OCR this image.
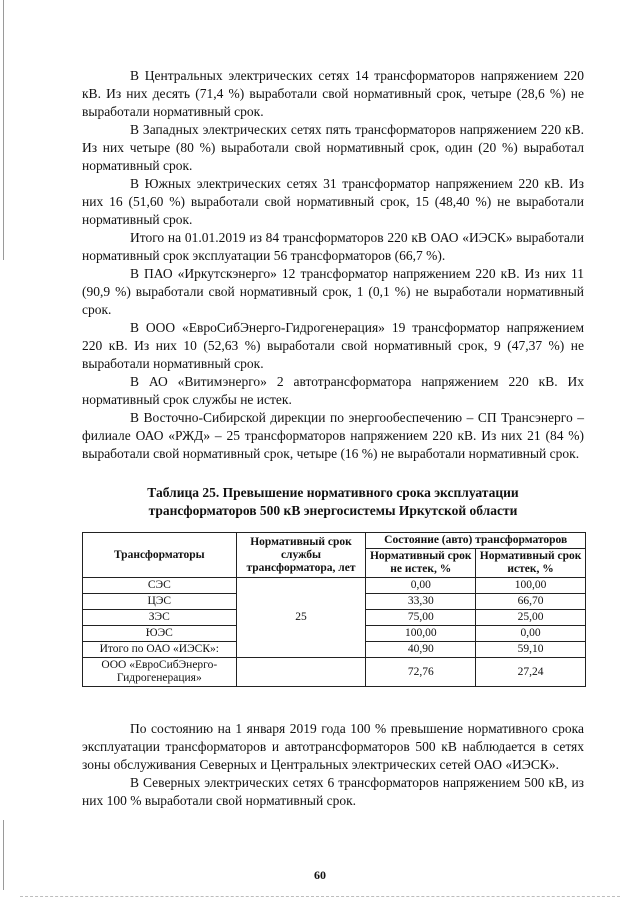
В Центральных электрических сетях 14 трансформаторов напряжением 220 кВ. Из них десять (71,4 %) выработали свой нормативный срок, четыре (28,6 %) не выработали нормативный срок.

В Западных электрических сетях пять трансформаторов напряжением 220 кВ. Из них четыре (80 %) выработали свой нормативный срок, один (20 %) выработал нормативный срок.

В Южных электрических сетях 31 трансформатор напряжением 220 кВ. Из них 16 (51,60 %) выработали свой нормативный срок, 15 (48,40 %) не выработали нормативный срок.

Итого на 01.01.2019 из 84 трансформаторов 220 кВ ОАО «ИЭСК» выработали нормативный срок эксплуатации 56 трансформаторов (66,7 %).

В ПАО «Иркутскэнерго» 12 трансформатор напряжением 220 кВ. Из них 11 (90,9 %) выработали свой нормативный срок, 1 (0,1 %) не выработали нормативный срок.

В ООО «ЕвроСибЭнерго-Гидрогенерация» 19 трансформатор напряжением 220 кВ. Из них 10 (52,63 %) выработали свой нормативный срок, 9 (47,37 %) не выработали нормативный срок.

В АО «Витимэнерго» 2 автотрансформатора напряжением 220 кВ. Их нормативный срок службы не истек.

В Восточно-Сибирской дирекции по энергообеспечению – СП Трансэнерго – филиале ОАО «РЖД» – 25 трансформаторов напряжением 220 кВ. Из них 21 (84 %) выработали свой нормативный срок, четыре (16 %) не выработали нормативный срок.

Таблица 25. Превышение нормативного срока эксплуатации
трансформаторов 500 кВ энергосистемы Иркутской области
Трансформаторы	Нормативный срок службы трансформатора, лет	Состояние (авто) трансформаторов	
		Нормативный срок не истек, %	Нормативный срок истек, %
СЭС	25	0,00	100,00
ЦЭС		33,30	66,70
ЗЭС		75,00	25,00
ЮЭС		100,00	0,00
Итого по ОАО «ИЭСК»:		40,90	59,10
ООО «ЕвроСибЭнерго-Гидрогенерация»		72,76	27,24

По состоянию на 1 января 2019 года 100 % превышение нормативного срока эксплуатации трансформаторов и автотрансформаторов 500 кВ наблюдается в сетях зоны обслуживания Северных и Центральных электрических сетей ОАО «ИЭСК».

В Северных электрических сетях 6 трансформаторов напряжением 500 кВ, из них 100 % выработали свой нормативный срок.

60
